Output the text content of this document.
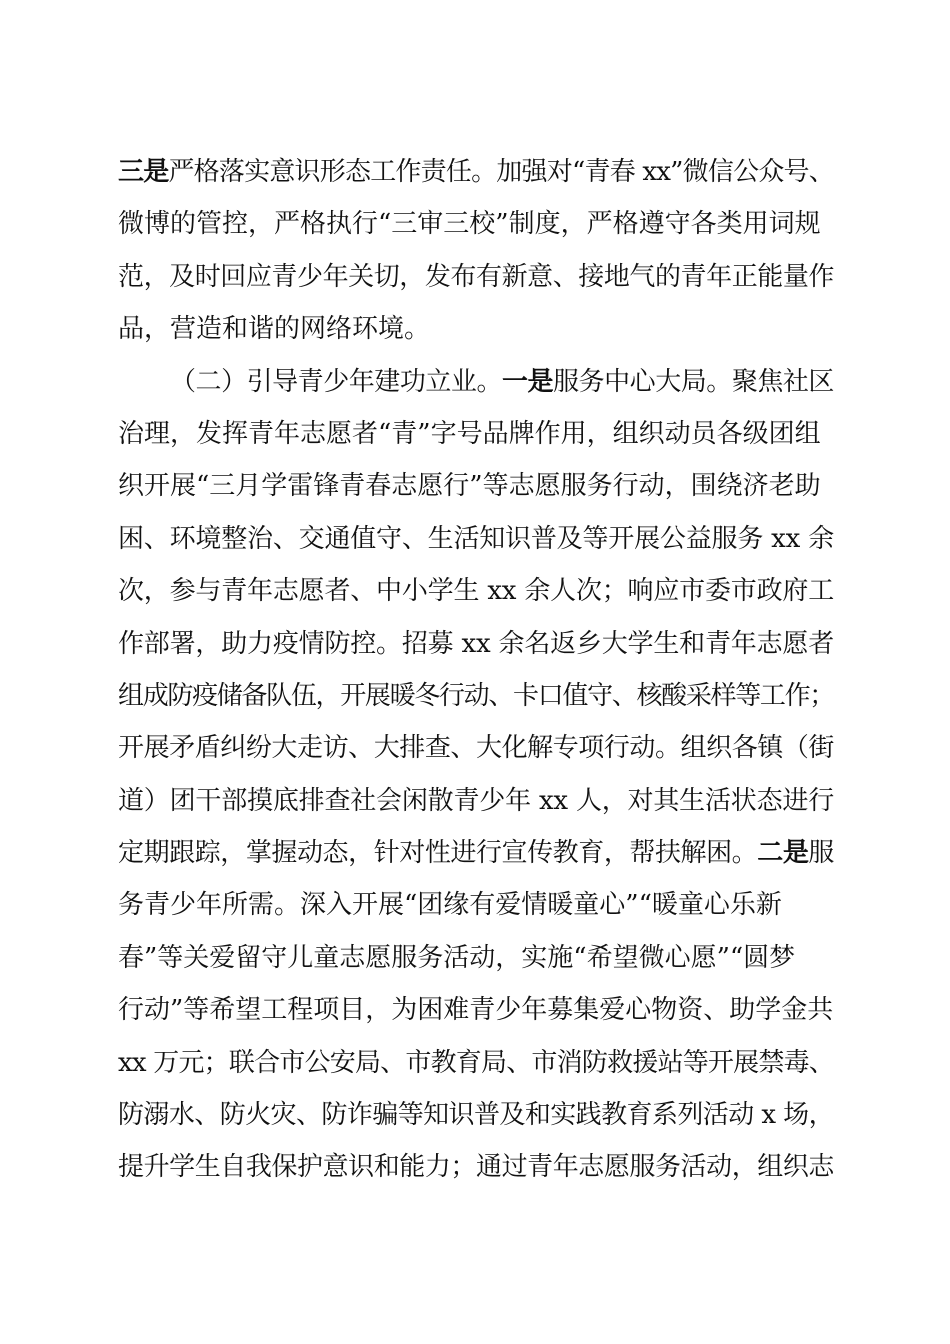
三是严格落实意识形态工作责任。加强对“青春 xx”微信公众号、
微博的管控，严格执行“三审三校”制度，严格遵守各类用词规
范，及时回应青少年关切，发布有新意、接地气的青年正能量作
品，营造和谐的网络环境。
（二）引导青少年建功立业。一是服务中心大局。聚焦社区
治理，发挥青年志愿者“青”字号品牌作用，组织动员各级团组
织开展“三月学雷锋青春志愿行”等志愿服务行动，围绕济老助
困、环境整治、交通值守、生活知识普及等开展公益服务 xx 余
次，参与青年志愿者、中小学生 xx 余人次；响应市委市政府工
作部署，助力疫情防控。招募 xx 余名返乡大学生和青年志愿者
组成防疫储备队伍，开展暖冬行动、卡口值守、核酸采样等工作；
开展矛盾纠纷大走访、大排查、大化解专项行动。组织各镇（街
道）团干部摸底排查社会闲散青少年 xx 人，对其生活状态进行
定期跟踪，掌握动态，针对性进行宣传教育，帮扶解困。二是服
务青少年所需。深入开展“团缘有爱情暖童心”“暖童心乐新
春”等关爱留守儿童志愿服务活动，实施“希望微心愿”“圆梦
行动”等希望工程项目，为困难青少年募集爱心物资、助学金共
xx 万元；联合市公安局、市教育局、市消防救援站等开展禁毒、
防溺水、防火灾、防诈骗等知识普及和实践教育系列活动 x 场，
提升学生自我保护意识和能力；通过青年志愿服务活动，组织志
